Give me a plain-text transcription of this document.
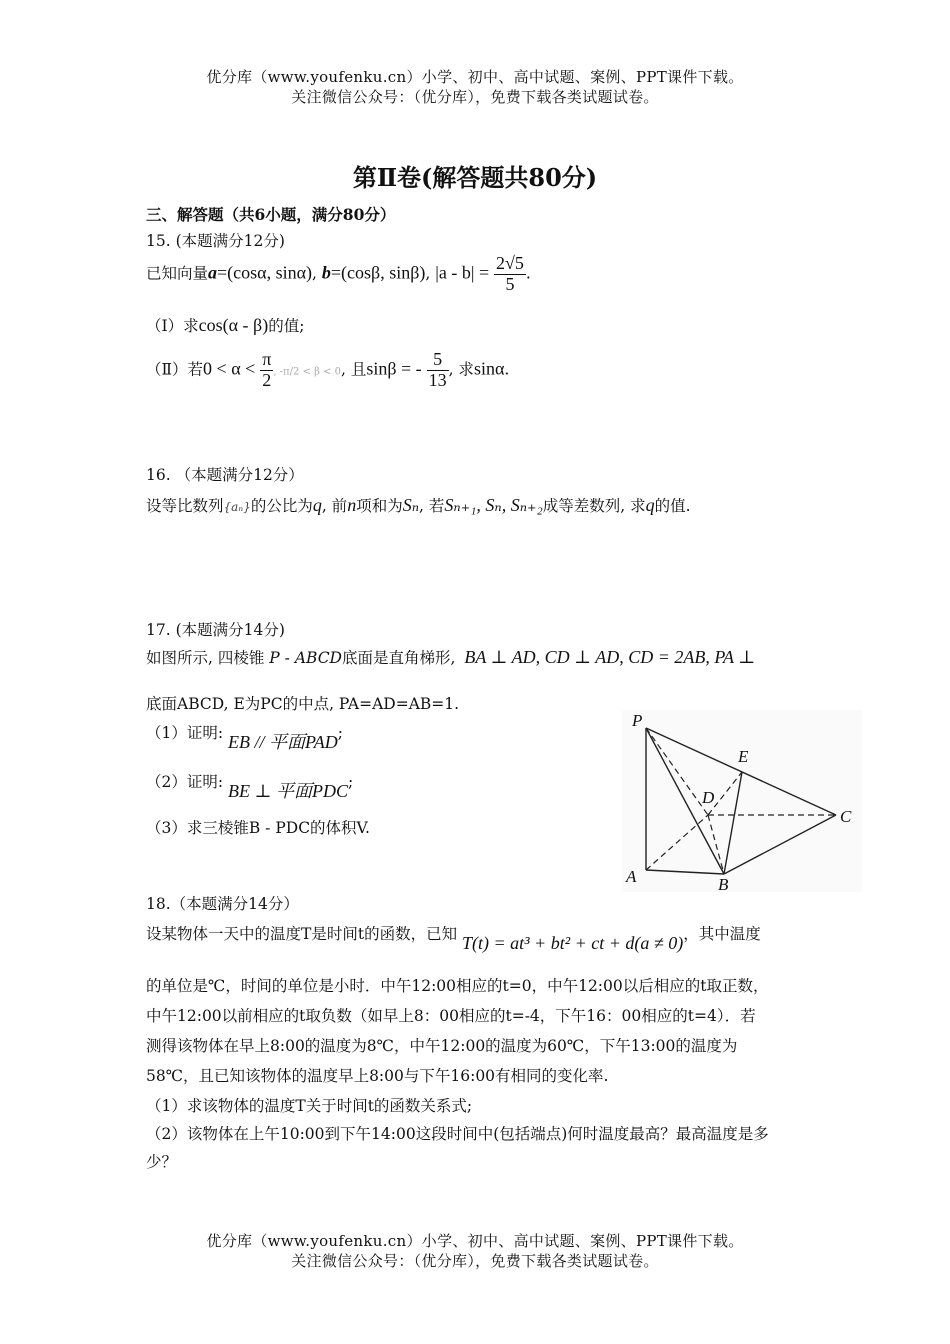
优分库（www.youfenku.cn）小学、初中、高中试题、案例、PPT课件下载。
关注微信公众号：（优分库），免费下载各类试题试卷。
第Ⅱ卷(解答题共80分)
三、解答题（共6小题，满分80分）
15. (本题满分12分)
已知向量a=(cosα, sinα), b=(cosβ, sinβ), $|a - b| = \frac{2√5}{5}$ .
（Ⅰ）求cos(α - β)的值;
（Ⅱ）若$0 < \alpha < \frac{\pi}{2}$ , -π/2 < β < 0, 且sinβ = - $\frac{5}{13}$ , 求sinα.
16. （本题满分12分）
设等比数列{aₙ}的公比为q, 前n项和为Sₙ, 若Sₙ₊₁, Sₙ, Sₙ₊₂成等差数列, 求q的值.
17. (本题满分14分)
如图所示, 四棱锥 P - ABCD底面是直角梯形, BA ⊥ AD, CD ⊥ AD, CD = 2AB, PA ⊥
底面ABCD, E为PC的中点, PA=AD=AB=1.
（1）证明: EB // 平面PAD;
（2）证明: BE ⊥ 平面PDC;
（3）求三棱锥B - PDC的体积V.
P
E
D
C
A	B
18.（本题满分14分）
设某物体一天中的温度T是时间t的函数，已知 T(t) = at³ + bt² + ct + d(a ≠ 0)，其中温度
的单位是℃，时间的单位是小时．中午12:00相应的t=0，中午12:00以后相应的t取正数，
中午12:00以前相应的t取负数（如早上8：00相应的t=-4，下午16：00相应的t=4）．若
测得该物体在早上8:00的温度为8℃，中午12:00的温度为60℃，下午13:00的温度为
58℃，且已知该物体的温度早上8:00与下午16:00有相同的变化率.
（1）求该物体的温度T关于时间t的函数关系式;
（2）该物体在上午10:00到下午14:00这段时间中(包括端点)何时温度最高？最高温度是多
少？
优分库（www.youfenku.cn）小学、初中、高中试题、案例、PPT课件下载。
关注微信公众号：（优分库），免费下载各类试题试卷。
